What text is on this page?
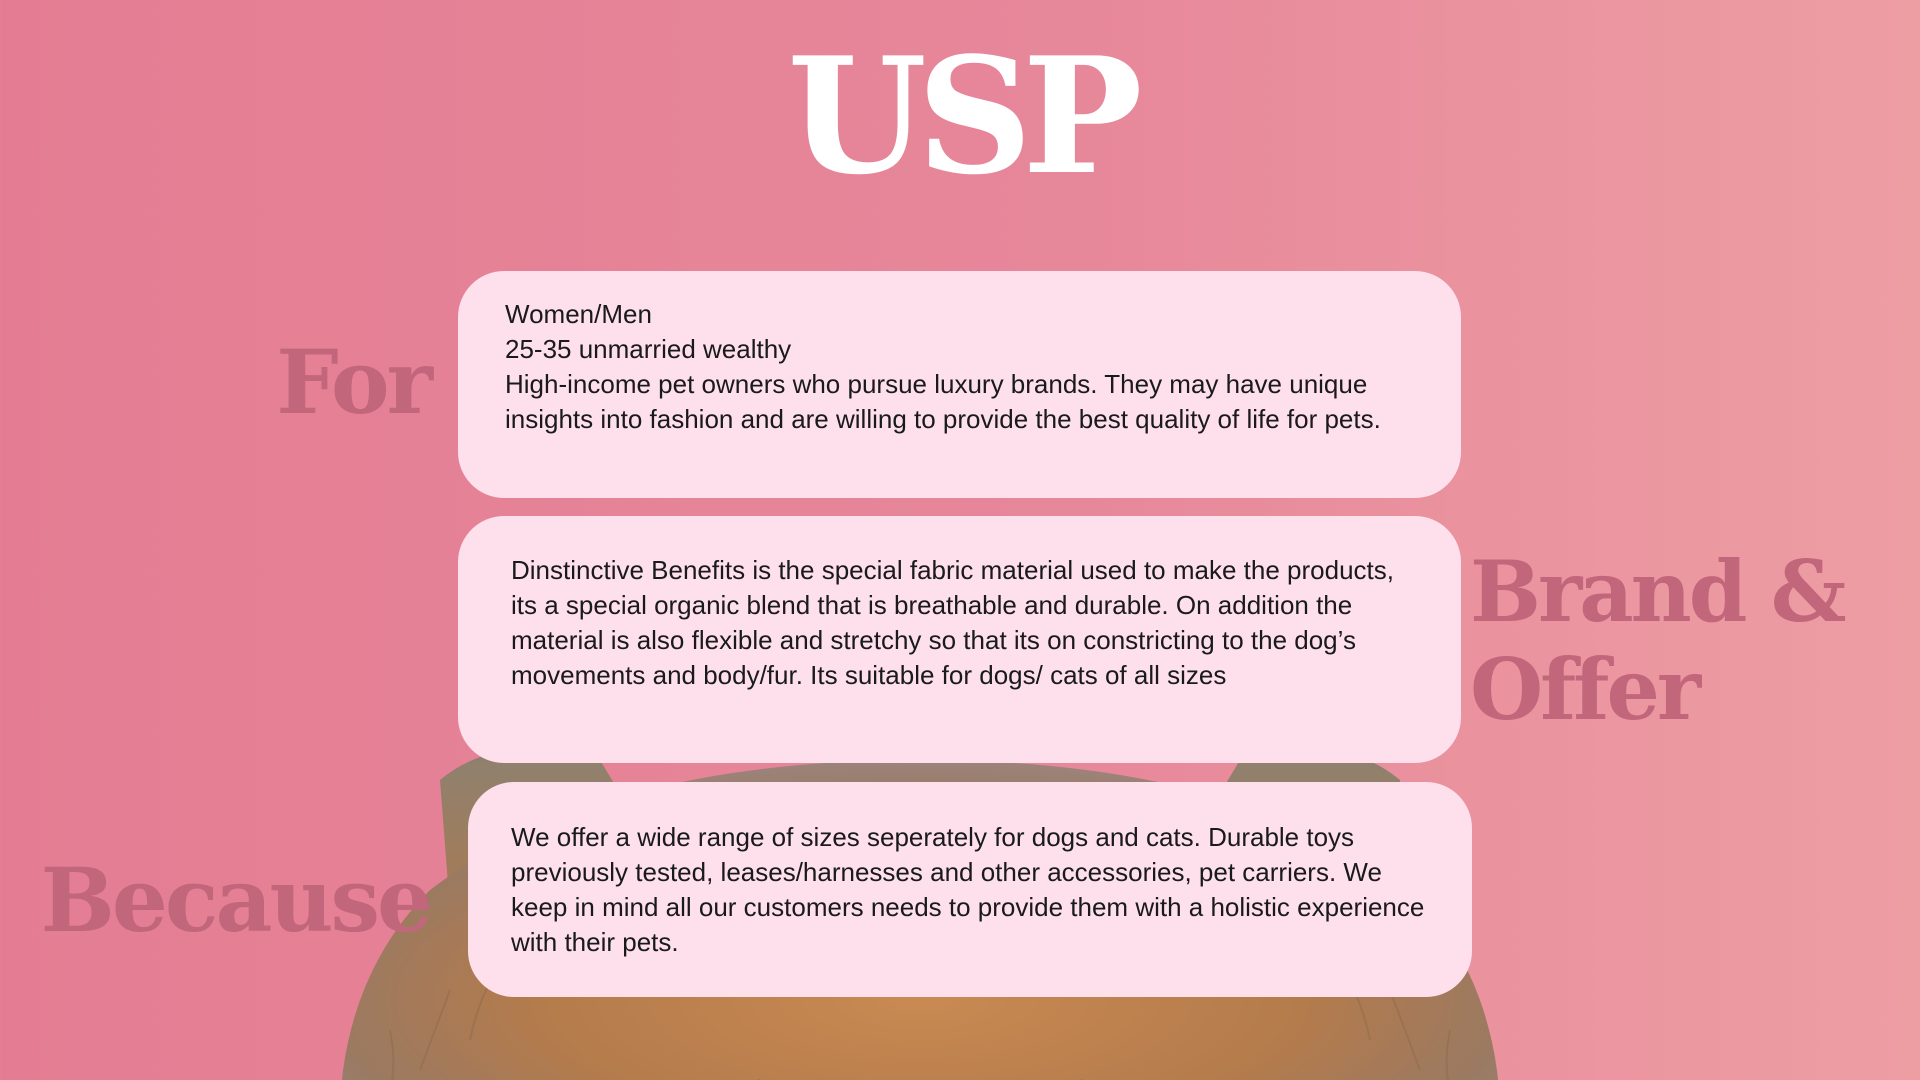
USP
For
Brand &
Offer
Because
Women/Men
25-35 unmarried wealthy
High-income pet owners who pursue luxury brands. They may have unique insights into fashion and are willing to provide the best quality of life for pets.
Dinstinctive Benefits is the special fabric material used to make the products, its a special organic blend that is breathable and durable. On addition the material is also flexible and stretchy so that its on constricting to the dog’s movements and body/fur. Its suitable for dogs/ cats of all sizes
We offer a wide range of sizes seperately for dogs and cats. Durable toys previously tested, leases/harnesses and other accessories, pet carriers. We keep in mind all our customers needs to provide them with a holistic experience with their pets.
